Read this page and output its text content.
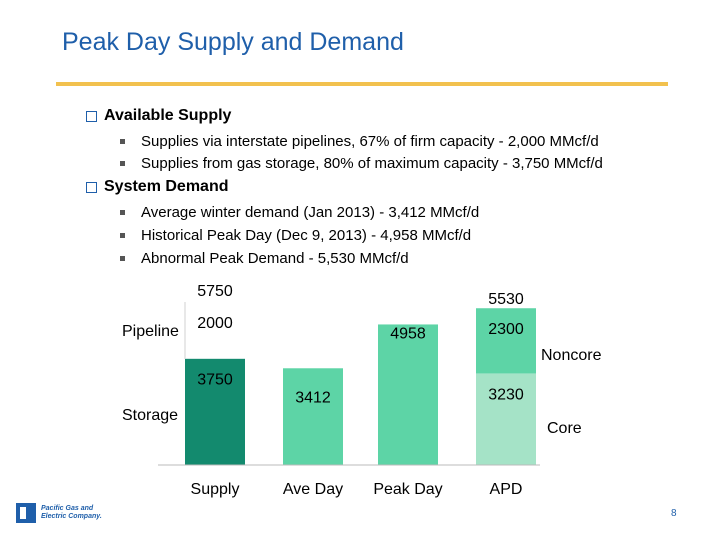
Peak Day Supply and Demand
Available Supply
Supplies via interstate pipelines, 67% of firm capacity - 2,000 MMcf/d
Supplies from gas storage, 80% of maximum capacity - 3,750 MMcf/d
System Demand
Average winter demand (Jan 2013) - 3,412 MMcf/d
Historical Peak Day (Dec 9, 2013) - 4,958 MMcf/d
Abnormal Peak Demand - 5,530 MMcf/d
3750
2000
Supply
3412
Ave Day
4958
Peak Day
3230
2300
APD
5750	5530
Pipeline
Storage
Noncore
Core
Pacific Gas and
Electric Company.	8
